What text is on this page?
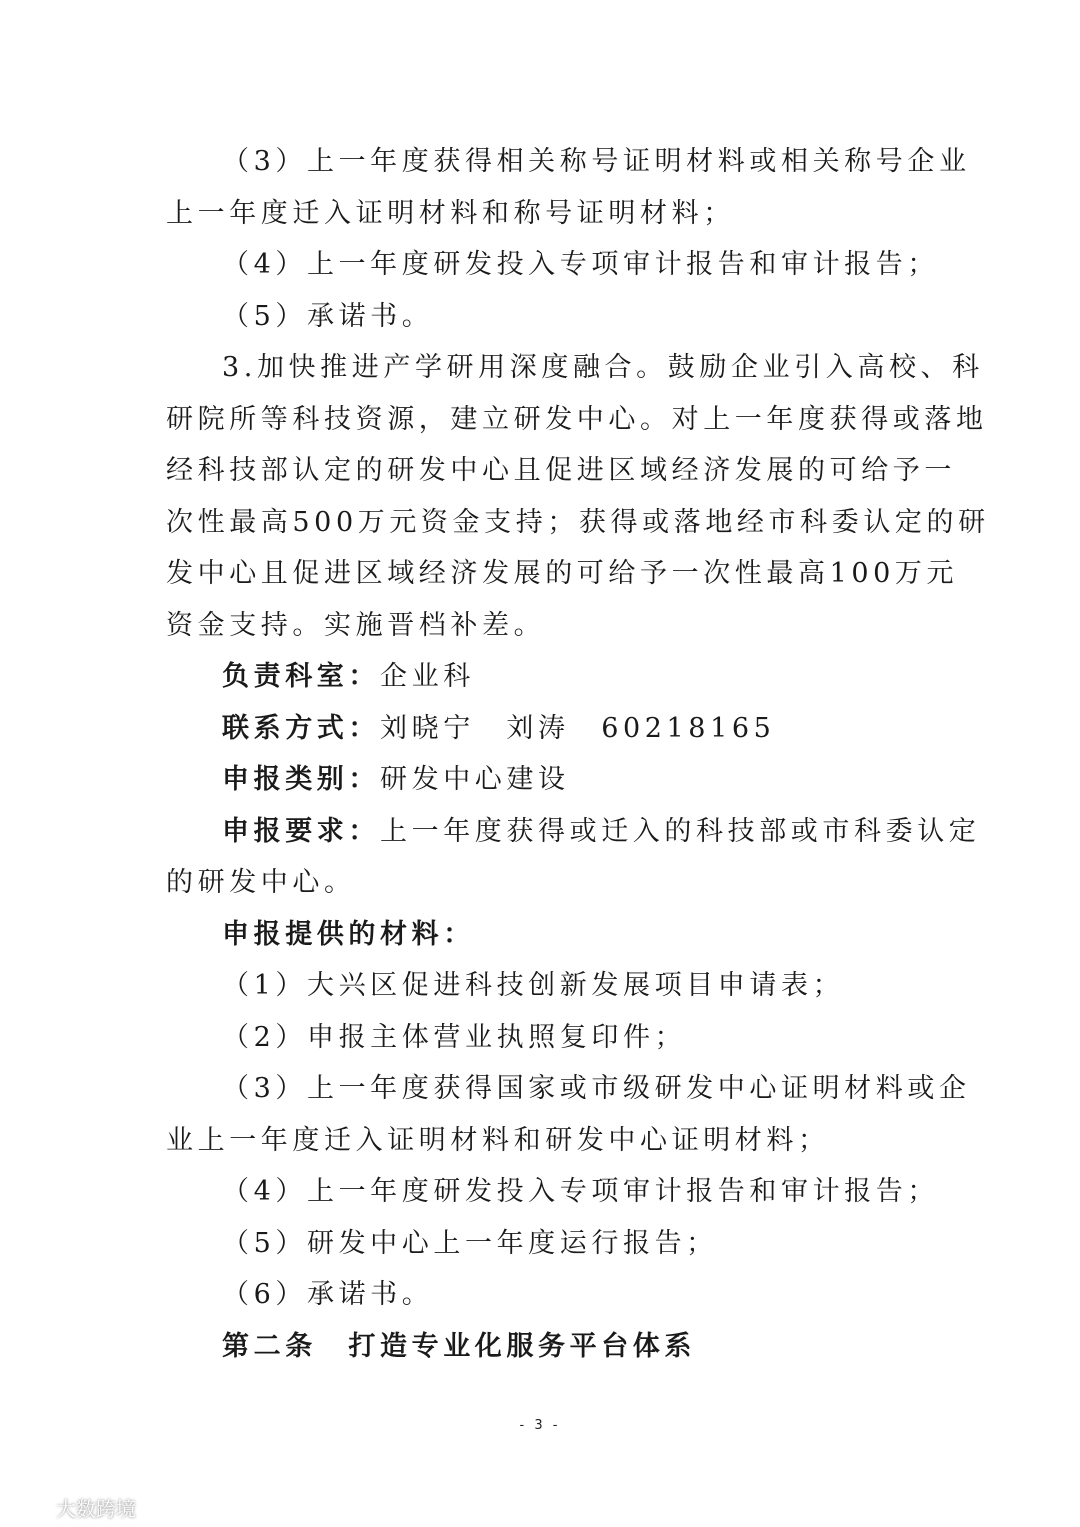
（3）上一年度获得相关称号证明材料或相关称号企业
上一年度迁入证明材料和称号证明材料；
（4）上一年度研发投入专项审计报告和审计报告；
（5）承诺书。
3.加快推进产学研用深度融合。鼓励企业引入高校、科
研院所等科技资源，建立研发中心。对上一年度获得或落地
经科技部认定的研发中心且促进区域经济发展的可给予一
次性最高500万元资金支持；获得或落地经市科委认定的研
发中心且促进区域经济发展的可给予一次性最高100万元
资金支持。实施晋档补差。
负责科室：企业科
联系方式：刘晓宁　刘涛　60218165
申报类别：研发中心建设
申报要求：上一年度获得或迁入的科技部或市科委认定
的研发中心。
申报提供的材料：
（1）大兴区促进科技创新发展项目申请表；
（2）申报主体营业执照复印件；
（3）上一年度获得国家或市级研发中心证明材料或企
业上一年度迁入证明材料和研发中心证明材料；
（4）上一年度研发投入专项审计报告和审计报告；
（5）研发中心上一年度运行报告；
（6）承诺书。
第二条　打造专业化服务平台体系
- 3 -
大数跨境
